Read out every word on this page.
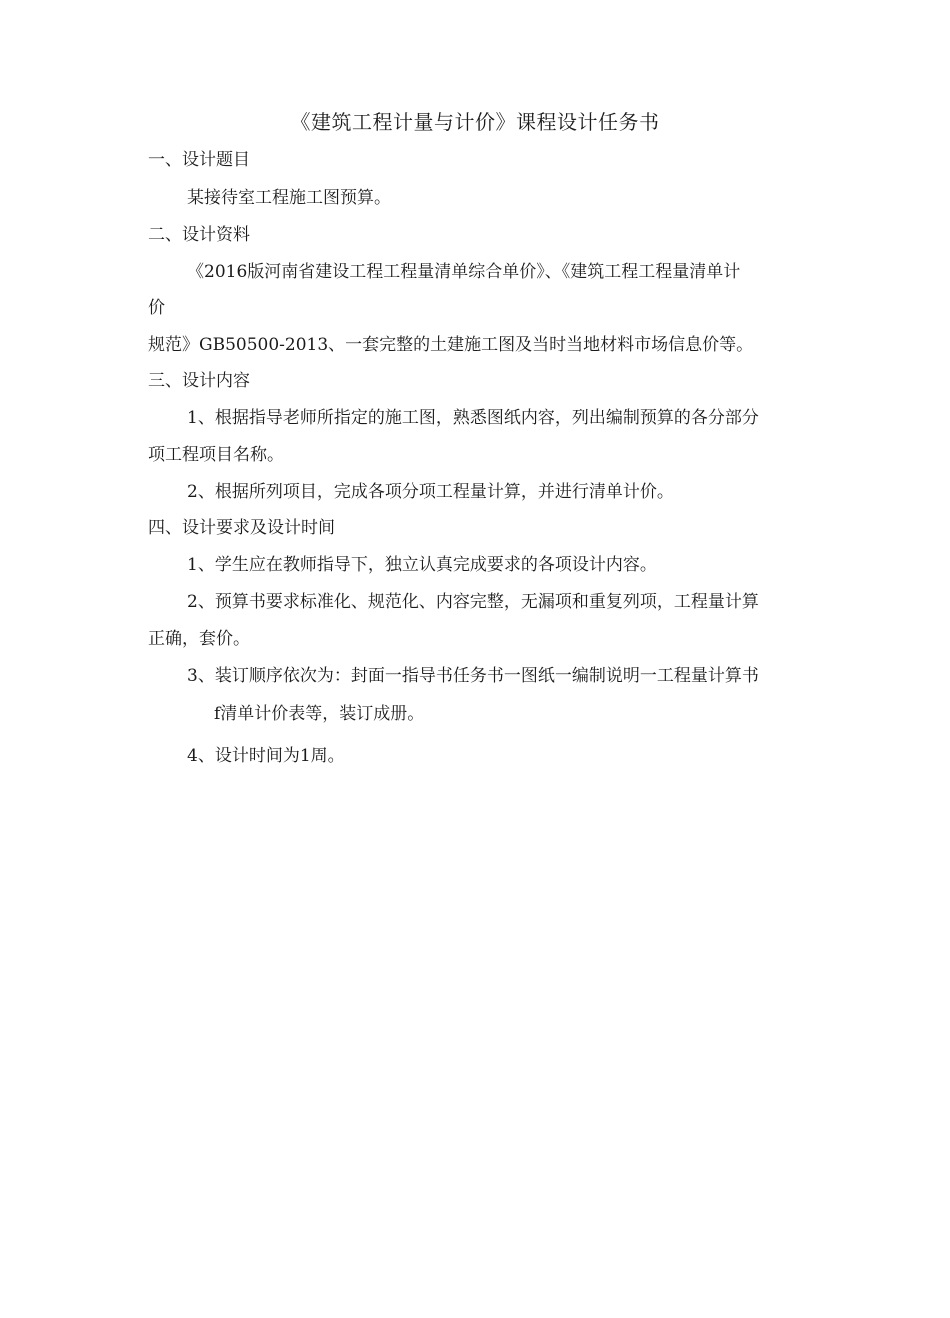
《建筑工程计量与计价》课程设计任务书
一、设计题目
某接待室工程施工图预算。
二、设计资料
《2016版河南省建设工程工程量清单综合单价》、《建筑工程工程量清单计
价
规范》GB50500-2013、一套完整的土建施工图及当时当地材料市场信息价等。
三、设计内容
1、根据指导老师所指定的施工图，熟悉图纸内容，列出编制预算的各分部分
项工程项目名称。
2、根据所列项目，完成各项分项工程量计算，并进行清单计价。
四、设计要求及设计时间
1、学生应在教师指导下，独立认真完成要求的各项设计内容。
2、预算书要求标准化、规范化、内容完整，无漏项和重复列项，工程量计算
正确，套价。
3、装订顺序依次为：封面一指导书任务书一图纸一编制说明一工程量计算书
f清单计价表等，装订成册。
4、设计时间为1周。
